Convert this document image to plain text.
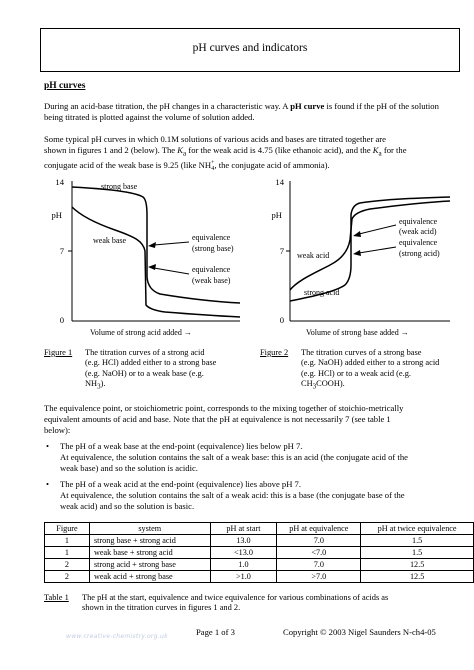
pH curves and indicators
pH curves
During an acid-base titration, the pH changes in a characteristic way. A pH curve is found if the pH of the solution being titrated is plotted against the volume of solution added.
Some typical pH curves in which 0.1M solutions of various acids and bases are titrated together are
shown in figures 1 and 2 (below). The $K_a$ for the weak acid is 4.75 (like ethanoic acid), and the $K_a$ for the
conjugate acid of the weak base is 9.25 (like NH +
4 , the conjugate acid of ammonia).
14
pH
7
0
strong base
weak base	equivalence
(strong base)
equivalence
(weak base)
Volume of strong acid added →
14
pH
7
0
weak acid
strong acid
equivalence
(weak acid)
equivalence
(strong acid)
Volume of strong base added →
Figure 1 The titration curves of a strong acid
(e.g. HCl) added either to a strong base
(e.g. NaOH) or to a weak base (e.g.
$NH_3$).
Figure 2 The titration curves of a strong base
(e.g. NaOH) added either to a strong acid
(e.g. HCl) or to a weak acid (e.g.
$CH_3COOH$).
The equivalence point, or stoichiometric point, corresponds to the mixing together of stoichio-metrically
equivalent amounts of acid and base. Note that the pH at equivalence is not necessarily 7 (see table 1
below):
• The pH of a weak base at the end-point (equivalence) lies below pH 7.
At equivalence, the solution contains the salt of a weak base: this is an acid (the conjugate acid of the
weak base) and so the solution is acidic.
• The pH of a weak acid at the end-point (equivalence) lies above pH 7.
At equivalence, the solution contains the salt of a weak acid: this is a base (the conjugate base of the
weak acid) and so the solution is basic.
Figure	system	pH at start	pH at equivalence	pH at twice equivalence
1	strong base + strong acid	13.0	7.0	1.5
1	weak base + strong acid	<13.0	<7.0	1.5
2	strong acid + strong base	1.0	7.0	12.5
2	weak acid + strong base	>1.0	>7.0	12.5
Table 1 The pH at the start, equivalence and twice equivalence for various combinations of acids as
shown in the titration curves in figures 1 and 2.
www.creative-chemistry.org.uk	Page 1 of 3	Copyright © 2003 Nigel Saunders N-ch4-05
